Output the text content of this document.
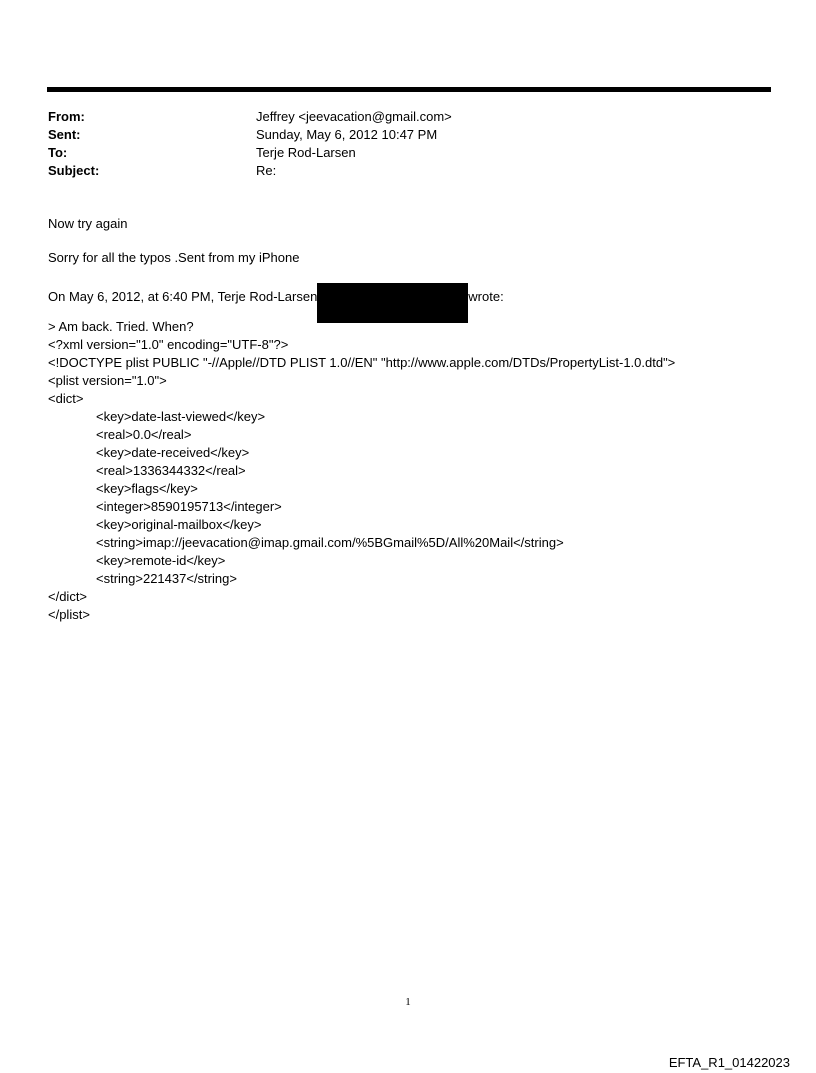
From:	Jeffrey <jeevacation@gmail.com>
Sent:	Sunday, May 6, 2012 10:47 PM
To:	Terje Rod-Larsen
Subject:	Re:

Now try again

Sorry for all the typos .Sent from my iPhone

On May 6, 2012, at 6:40 PM, Terje Rod-Larsen	wrote:

> Am back. Tried. When?

<?xml version="1.0" encoding="UTF-8"?>
<!DOCTYPE plist PUBLIC "-//Apple//DTD PLIST 1.0//EN" "http://www.apple.com/DTDs/PropertyList-1.0.dtd">
<plist version="1.0">
<dict>
<key>date-last-viewed</key>
<real>0.0</real>
<key>date-received</key>
<real>1336344332</real>
<key>flags</key>
<integer>8590195713</integer>
<key>original-mailbox</key>
<string>imap://jeevacation@imap.gmail.com/%5BGmail%5D/All%20Mail</string>
<key>remote-id</key>
<string>221437</string>
</dict>
</plist>
1
EFTA_R1_01422023
